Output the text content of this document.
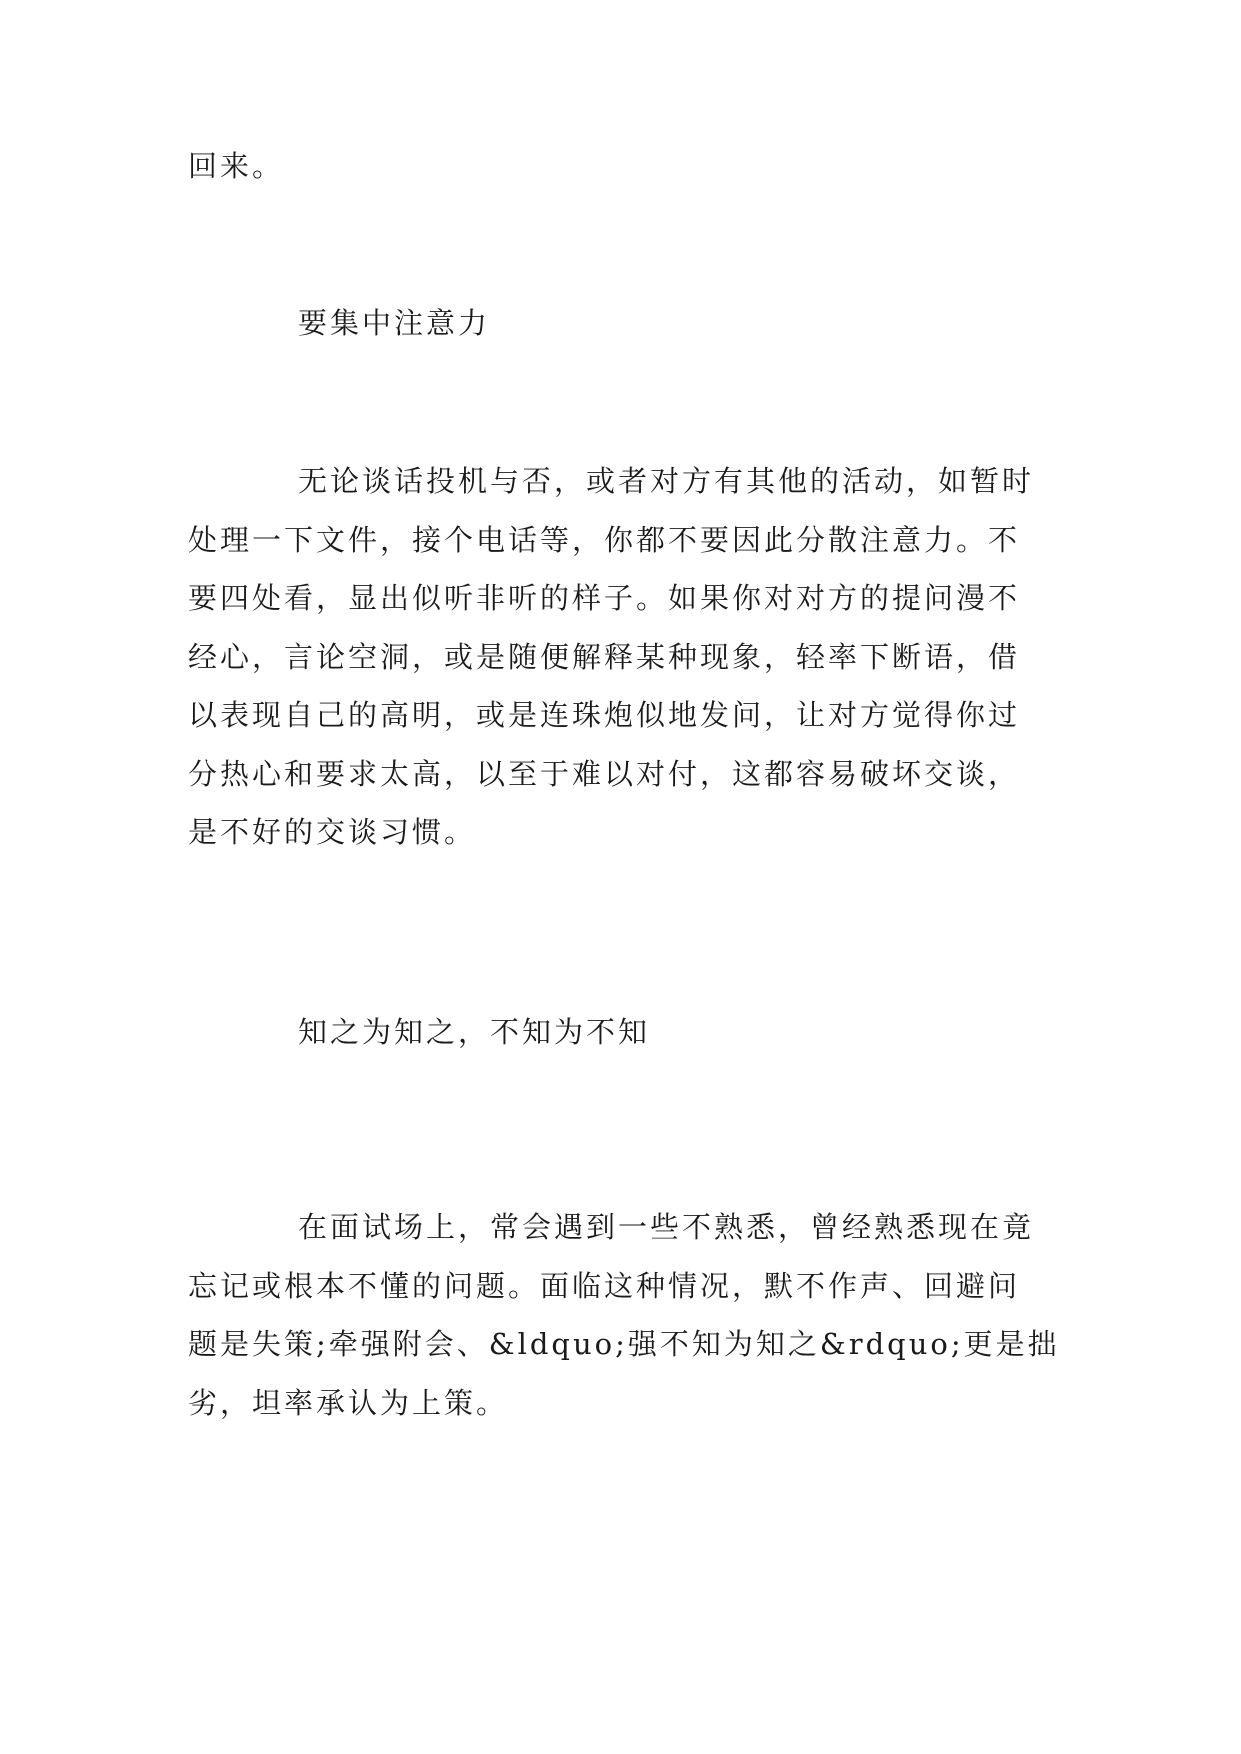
回来。
要集中注意力
无论谈话投机与否，或者对方有其他的活动，如暂时
处理一下文件，接个电话等，你都不要因此分散注意力。不
要四处看，显出似听非听的样子。如果你对对方的提问漫不
经心，言论空洞，或是随便解释某种现象，轻率下断语，借
以表现自己的高明，或是连珠炮似地发问，让对方觉得你过
分热心和要求太高，以至于难以对付，这都容易破坏交谈，
是不好的交谈习惯。
知之为知之，不知为不知
在面试场上，常会遇到一些不熟悉，曾经熟悉现在竟
忘记或根本不懂的问题。面临这种情况，默不作声、回避问
题是失策;牵强附会、&ldquo;强不知为知之&rdquo;更是拙
劣，坦率承认为上策。
